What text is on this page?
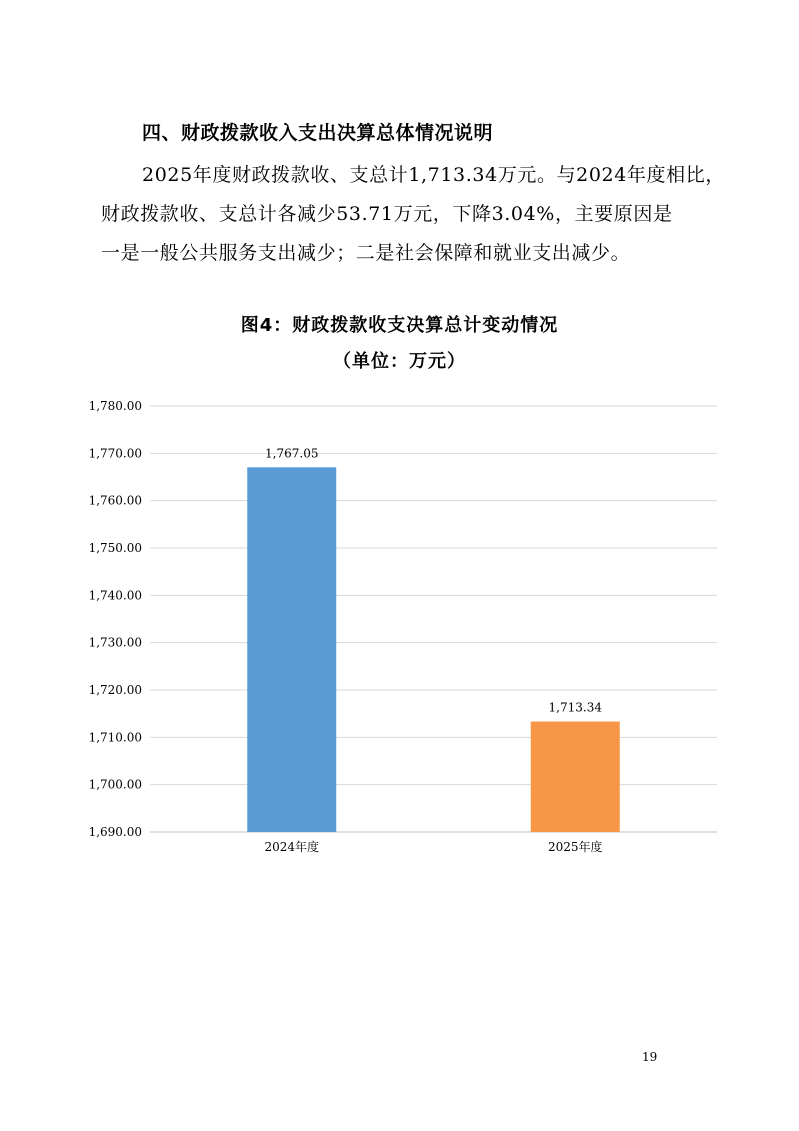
四、财政拨款收入支出决算总体情况说明
2025年度财政拨款收、支总计1,713.34万元。与2024年度相比，
财政拨款收、支总计各减少53.71万元，下降3.04%，主要原因是
一是一般公共服务支出减少；二是社会保障和就业支出减少。
图4：财政拨款收支决算总计变动情况
（单位：万元）
1,690.00
1,700.00
1,710.00
1,720.00
1,730.00
1,740.00
1,750.00
1,760.00
1,770.00
1,780.00
1,767.05
2024年度
1,713.34
2025年度
19
